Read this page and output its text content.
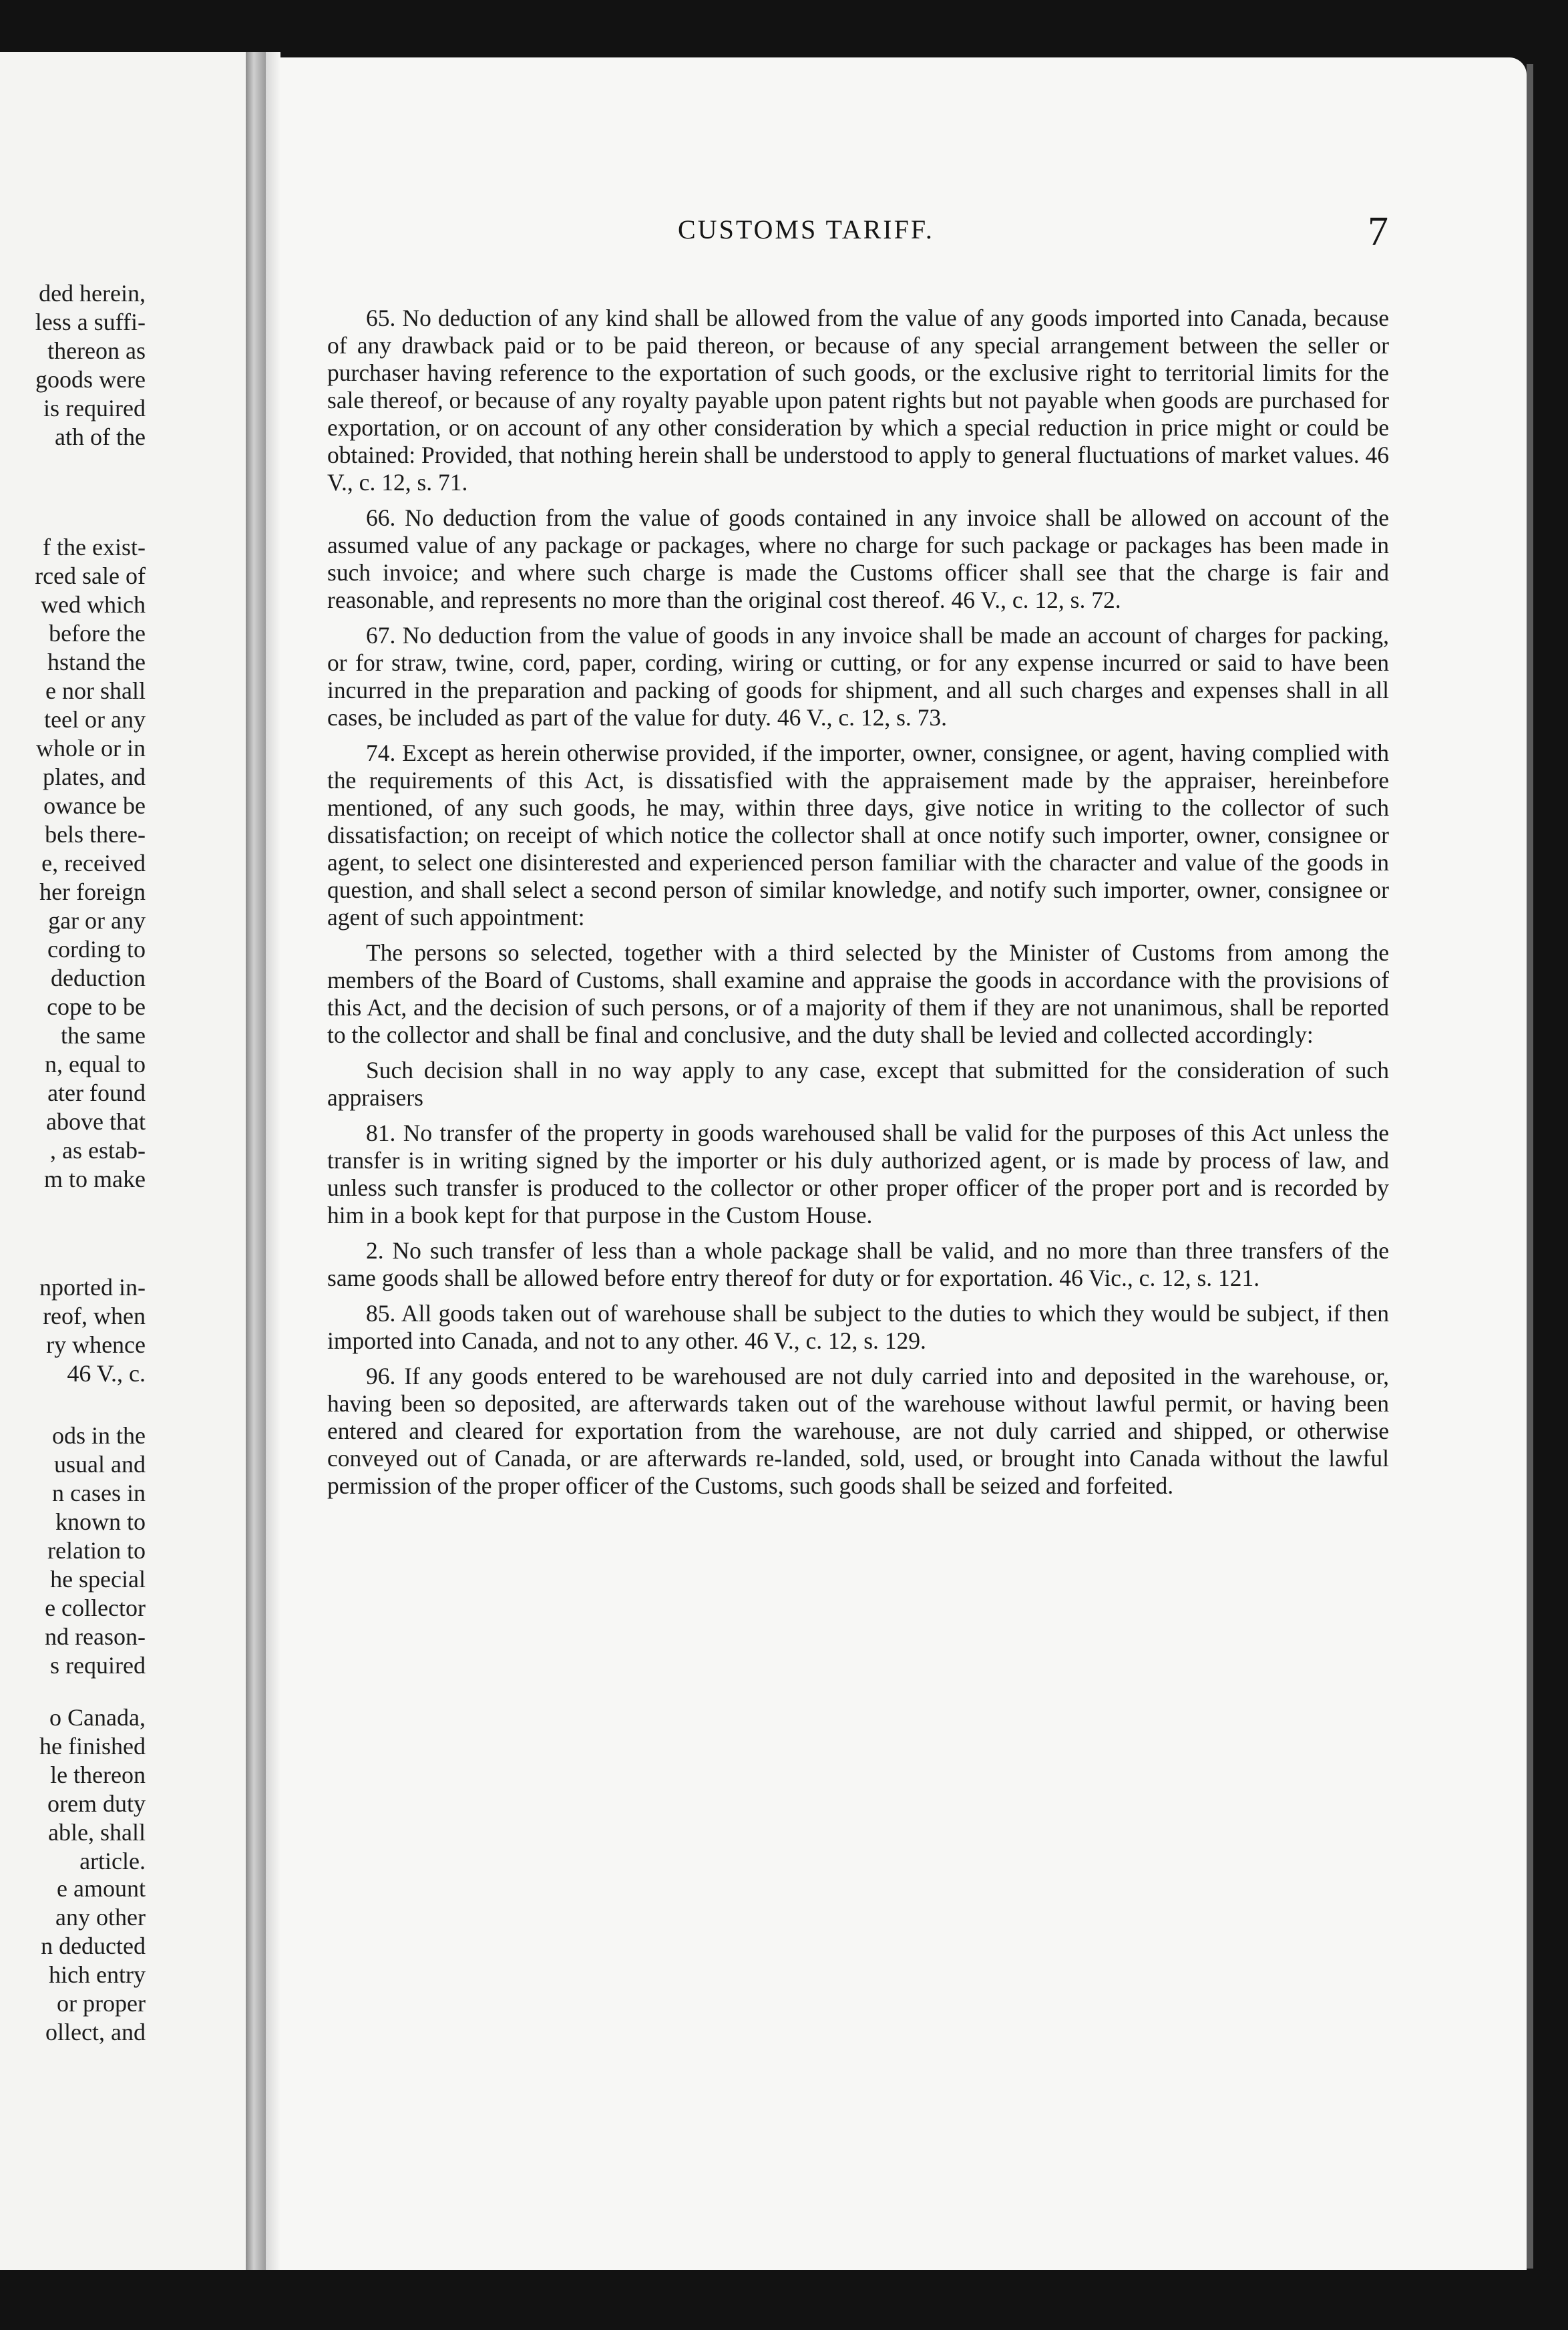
ded herein,
less a suffi-
thereon as
goods were
is required
ath of the
f the exist-
rced sale of
wed which
before the
hstand the
e nor shall
teel or any
whole or in
plates, and
owance be
bels there-
e, received
her foreign
gar or any
cording to
deduction
cope to be
the same
n, equal to
ater found
above that
, as estab-
m to make
nported in-
reof, when
ry whence
46 V., c.
ods in the
usual and
n cases in
known to
relation to
he special
e collector
nd reason-
s required
o Canada,
he finished
le thereon
orem duty
able, shall
article.
e amount
any other
n deducted
hich entry
or proper
ollect, and
CUSTOMS TARIFF.	7

65. No deduction of any kind shall be allowed from the value of any goods imported into Canada, because of any drawback paid or to be paid thereon, or because of any special arrangement between the seller or purchaser having reference to the exportation of such goods, or the exclusive right to territorial limits for the sale thereof, or because of any royalty payable upon patent rights but not payable when goods are purchased for exportation, or on account of any other consideration by which a special reduction in price might or could be obtained: Provided, that nothing herein shall be understood to apply to general fluctuations of market values. 46 V., c. 12, s. 71.

66. No deduction from the value of goods contained in any invoice shall be allowed on account of the assumed value of any package or packages, where no charge for such package or packages has been made in such invoice; and where such charge is made the Customs officer shall see that the charge is fair and reasonable, and represents no more than the original cost thereof. 46 V., c. 12, s. 72.

67. No deduction from the value of goods in any invoice shall be made an account of charges for packing, or for straw, twine, cord, paper, cording, wiring or cutting, or for any expense incurred or said to have been incurred in the preparation and packing of goods for shipment, and all such charges and expenses shall in all cases, be included as part of the value for duty. 46 V., c. 12, s. 73.

74. Except as herein otherwise provided, if the importer, owner, consignee, or agent, having complied with the requirements of this Act, is dissatisfied with the appraisement made by the appraiser, hereinbefore mentioned, of any such goods, he may, within three days, give notice in writing to the collector of such dissatisfaction; on receipt of which notice the collector shall at once notify such importer, owner, consignee or agent, to select one disinterested and experienced person familiar with the character and value of the goods in question, and shall select a second person of similar knowledge, and notify such importer, owner, consignee or agent of such appointment:

The persons so selected, together with a third selected by the Minister of Customs from among the members of the Board of Customs, shall examine and appraise the goods in accordance with the provisions of this Act, and the decision of such persons, or of a majority of them if they are not unanimous, shall be reported to the collector and shall be final and conclusive, and the duty shall be levied and collected accordingly:

Such decision shall in no way apply to any case, except that submitted for the consideration of such appraisers

81. No transfer of the property in goods warehoused shall be valid for the purposes of this Act unless the transfer is in writing signed by the importer or his duly authorized agent, or is made by process of law, and unless such transfer is produced to the collector or other proper officer of the proper port and is recorded by him in a book kept for that purpose in the Custom House.

2. No such transfer of less than a whole package shall be valid, and no more than three transfers of the same goods shall be allowed before entry thereof for duty or for exportation. 46 Vic., c. 12, s. 121.

85. All goods taken out of warehouse shall be subject to the duties to which they would be subject, if then imported into Canada, and not to any other. 46 V., c. 12, s. 129.

96. If any goods entered to be warehoused are not duly carried into and deposited in the warehouse, or, having been so deposited, are afterwards taken out of the warehouse without lawful permit, or having been entered and cleared for exportation from the warehouse, are not duly carried and shipped, or otherwise conveyed out of Canada, or are afterwards re-landed, sold, used, or brought into Canada without the lawful permission of the proper officer of the Customs, such goods shall be seized and forfeited.
